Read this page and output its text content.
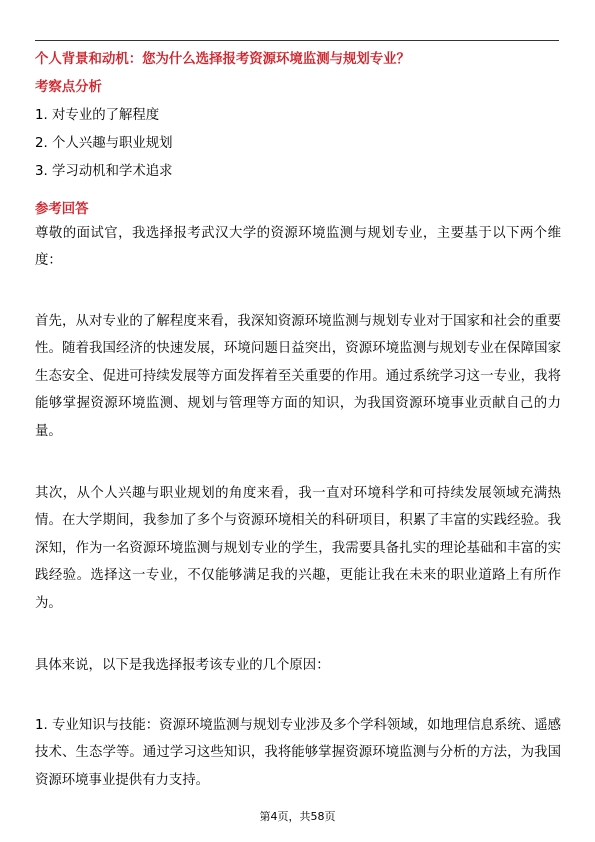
个人背景和动机：您为什么选择报考资源环境监测与规划专业？
考察点分析
1. 对专业的了解程度
2. 个人兴趣与职业规划
3. 学习动机和学术追求
参考回答
尊敬的面试官，我选择报考武汉大学的资源环境监测与规划专业，主要基于以下两个维度：
首先，从对专业的了解程度来看，我深知资源环境监测与规划专业对于国家和社会的重要性。随着我国经济的快速发展，环境问题日益突出，资源环境监测与规划专业在保障国家生态安全、促进可持续发展等方面发挥着至关重要的作用。通过系统学习这一专业，我将能够掌握资源环境监测、规划与管理等方面的知识，为我国资源环境事业贡献自己的力量。
其次，从个人兴趣与职业规划的角度来看，我一直对环境科学和可持续发展领域充满热情。在大学期间，我参加了多个与资源环境相关的科研项目，积累了丰富的实践经验。我深知，作为一名资源环境监测与规划专业的学生，我需要具备扎实的理论基础和丰富的实践经验。选择这一专业，不仅能够满足我的兴趣，更能让我在未来的职业道路上有所作为。
具体来说，以下是我选择报考该专业的几个原因：
1. 专业知识与技能：资源环境监测与规划专业涉及多个学科领域，如地理信息系统、遥感技术、生态学等。通过学习这些知识，我将能够掌握资源环境监测与分析的方法，为我国资源环境事业提供有力支持。
第4页，共58页
